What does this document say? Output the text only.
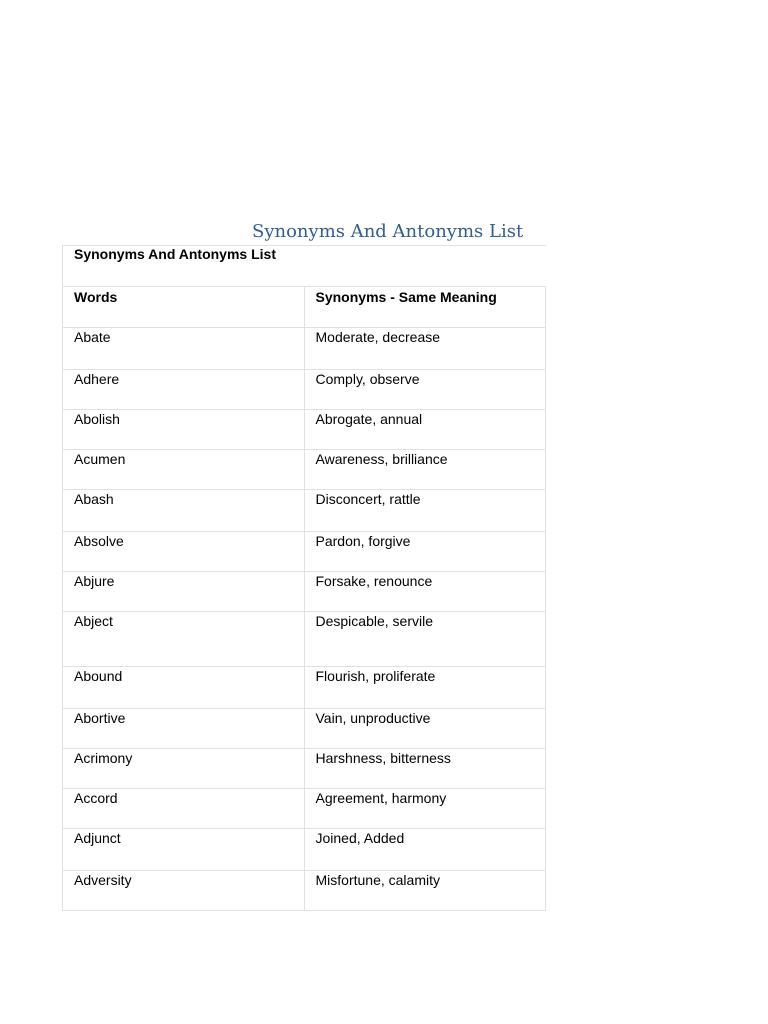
Synonyms And Antonyms List
Synonyms And Antonyms List	
Words	Synonyms - Same Meaning

Abate	Moderate, decrease

Adhere	Comply, observe

Abolish	Abrogate, annual

Acumen	Awareness, brilliance

Abash	Disconcert, rattle

Absolve	Pardon, forgive

Abjure	Forsake, renounce

Abject	Despicable, servile

Abound	Flourish, proliferate

Abortive	Vain, unproductive

Acrimony	Harshness, bitterness

Accord	Agreement, harmony

Adjunct	Joined, Added

Adversity	Misfortune, calamity
